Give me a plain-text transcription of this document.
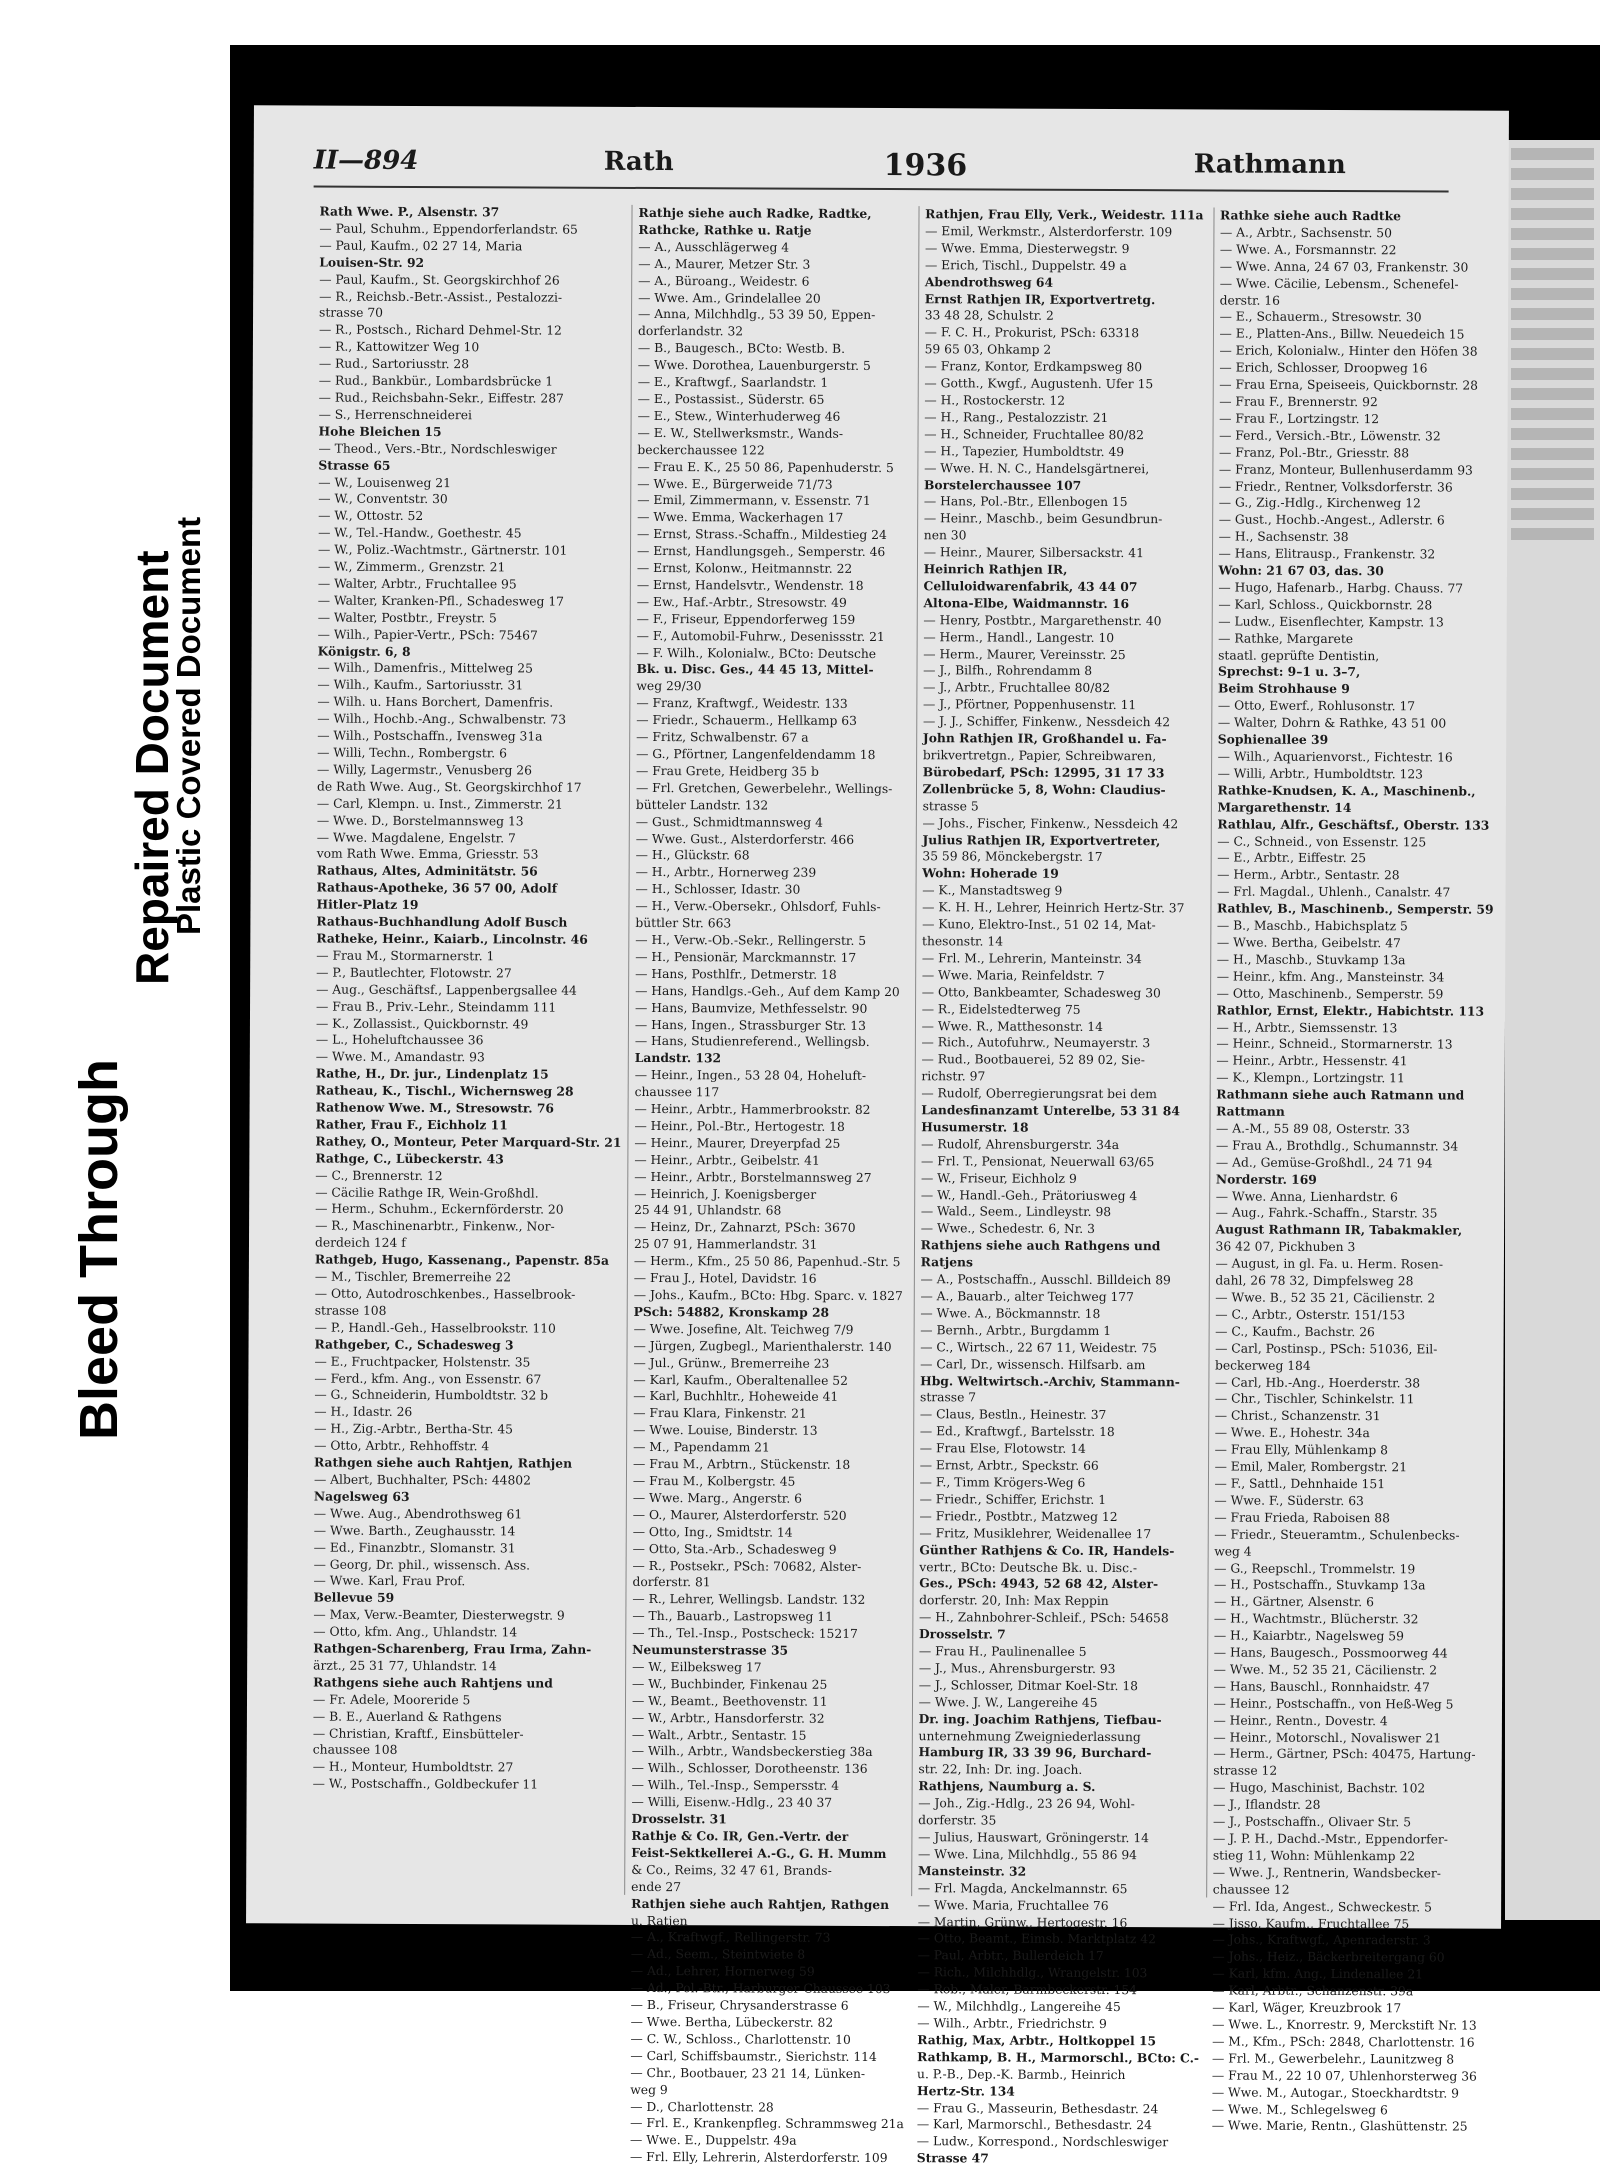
Bleed Through
Repaired Document
Plastic Covered Document
II—894	Rath	1936	Rathmann
Rath Wwe. P., Alsenstr. 37
— Paul, Schuhm., Eppendorferlandstr. 65
— Paul, Kaufm., 02 27 14, Maria
Louisen-Str. 92
— Paul, Kaufm., St. Georgskirchhof 26
— R., Reichsb.-Betr.-Assist., Pestalozzi-
strasse 70
— R., Postsch., Richard Dehmel-Str. 12
— R., Kattowitzer Weg 10
— Rud., Sartoriusstr. 28
— Rud., Bankbür., Lombardsbrücke 1
— Rud., Reichsbahn-Sekr., Eiffestr. 287
— S., Herrenschneiderei
Hohe Bleichen 15
— Theod., Vers.-Btr., Nordschleswiger
Strasse 65
— W., Louisenweg 21
— W., Conventstr. 30
— W., Ottostr. 52
— W., Tel.-Handw., Goethestr. 45
— W., Poliz.-Wachtmstr., Gärtnerstr. 101
— W., Zimmerm., Grenzstr. 21
— Walter, Arbtr., Fruchtallee 95
— Walter, Kranken-Pfl., Schadesweg 17
— Walter, Postbtr., Freystr. 5
— Wilh., Papier-Vertr., PSch: 75467
Königstr. 6, 8
— Wilh., Damenfris., Mittelweg 25
— Wilh., Kaufm., Sartoriusstr. 31
— Wilh. u. Hans Borchert, Damenfris.
— Wilh., Hochb.-Ang., Schwalbenstr. 73
— Wilh., Postschaffn., Ivensweg 31a
— Willi, Techn., Rombergstr. 6
— Willy, Lagermstr., Venusberg 26
de Rath Wwe. Aug., St. Georgskirchhof 17
— Carl, Klempn. u. Inst., Zimmerstr. 21
— Wwe. D., Borstelmannsweg 13
— Wwe. Magdalene, Engelstr. 7
vom Rath Wwe. Emma, Griesstr. 53
Rathaus, Altes, Adminitätstr. 56
Rathaus-Apotheke, 36 57 00, Adolf
Hitler-Platz 19
Rathaus-Buchhandlung Adolf Busch
Ratheke, Heinr., Kaiarb., Lincolnstr. 46
— Frau M., Stormarnerstr. 1
— P., Bautlechter, Flotowstr. 27
— Aug., Geschäftsf., Lappenbergsallee 44
— Frau B., Priv.-Lehr., Steindamm 111
— K., Zollassist., Quickbornstr. 49
— L., Hoheluftchaussee 36
— Wwe. M., Amandastr. 93
Rathe, H., Dr. jur., Lindenplatz 15
Ratheau, K., Tischl., Wichernsweg 28
Rathenow Wwe. M., Stresowstr. 76
Rather, Frau F., Eichholz 11
Rathey, O., Monteur, Peter Marquard-Str. 21
Rathge, C., Lübeckerstr. 43
— C., Brennerstr. 12
— Cäcilie Rathge IR, Wein-Großhdl.
— Herm., Schuhm., Eckernförderstr. 20
— R., Maschinenarbtr., Finkenw., Nor-
derdeich 124 f
Rathgeb, Hugo, Kassenang., Papenstr. 85a
— M., Tischler, Bremerreihe 22
— Otto, Autodroschkenbes., Hasselbrook-
strasse 108
— P., Handl.-Geh., Hasselbrookstr. 110
Rathgeber, C., Schadesweg 3
— E., Fruchtpacker, Holstenstr. 35
— Ferd., kfm. Ang., von Essenstr. 67
— G., Schneiderin, Humboldtstr. 32 b
— H., Idastr. 26
— H., Zig.-Arbtr., Bertha-Str. 45
— Otto, Arbtr., Rehhoffstr. 4
Rathgen siehe auch Rahtjen, Rathjen
— Albert, Buchhalter, PSch: 44802
Nagelsweg 63
— Wwe. Aug., Abendrothsweg 61
— Wwe. Barth., Zeughausstr. 14
— Ed., Finanzbtr., Slomanstr. 31
— Georg, Dr. phil., wissensch. Ass.
— Wwe. Karl, Frau Prof.
Bellevue 59
— Max, Verw.-Beamter, Diesterwegstr. 9
— Otto, kfm. Ang., Uhlandstr. 14
Rathgen-Scharenberg, Frau Irma, Zahn-
ärzt., 25 31 77, Uhlandstr. 14
Rathgens siehe auch Rahtjens und
— Fr. Adele, Mooreride 5
— B. E., Auerland & Rathgens
— Christian, Kraftf., Einsbütteler-
chaussee 108
— H., Monteur, Humboldtstr. 27
— W., Postschaffn., Goldbeckufer 11
Rathje siehe auch Radke, Radtke,
Rathcke, Rathke u. Ratje
— A., Ausschlägerweg 4
— A., Maurer, Metzer Str. 3
— A., Büroang., Weidestr. 6
— Wwe. Am., Grindelallee 20
— Anna, Milchhdlg., 53 39 50, Eppen-
dorferlandstr. 32
— B., Baugesch., BCto: Westb. B.
— Wwe. Dorothea, Lauenburgerstr. 5
— E., Kraftwgf., Saarlandstr. 1
— E., Postassist., Süderstr. 65
— E., Stew., Winterhuderweg 46
— E. W., Stellwerksmstr., Wands-
beckerchaussee 122
— Frau E. K., 25 50 86, Papenhuderstr. 5
— Wwe. E., Bürgerweide 71/73
— Emil, Zimmermann, v. Essenstr. 71
— Wwe. Emma, Wackerhagen 17
— Ernst, Strass.-Schaffn., Mildestieg 24
— Ernst, Handlungsgeh., Semperstr. 46
— Ernst, Kolonw., Heitmannstr. 22
— Ernst, Handelsvtr., Wendenstr. 18
— Ew., Haf.-Arbtr., Stresowstr. 49
— F., Friseur, Eppendorferweg 159
— F., Automobil-Fuhrw., Desenissstr. 21
— F. Wilh., Kolonialw., BCto: Deutsche
Bk. u. Disc. Ges., 44 45 13, Mittel-
weg 29/30
— Franz, Kraftwgf., Weidestr. 133
— Friedr., Schauerm., Hellkamp 63
— Fritz, Schwalbenstr. 67 a
— G., Pförtner, Langenfeldendamm 18
— Frau Grete, Heidberg 35 b
— Frl. Gretchen, Gewerbelehr., Wellings-
bütteler Landstr. 132
— Gust., Schmidtmannsweg 4
— Wwe. Gust., Alsterdorferstr. 466
— H., Glückstr. 68
— H., Arbtr., Hornerweg 239
— H., Schlosser, Idastr. 30
— H., Verw.-Obersekr., Ohlsdorf, Fuhls-
büttler Str. 663
— H., Verw.-Ob.-Sekr., Rellingerstr. 5
— H., Pensionär, Marckmannstr. 17
— Hans, Posthlfr., Detmerstr. 18
— Hans, Handlgs.-Geh., Auf dem Kamp 20
— Hans, Baumvize, Methfesselstr. 90
— Hans, Ingen., Strassburger Str. 13
— Hans, Studienreferend., Wellingsb.
Landstr. 132
— Heinr., Ingen., 53 28 04, Hoheluft-
chaussee 117
— Heinr., Arbtr., Hammerbrookstr. 82
— Heinr., Pol.-Btr., Hertogestr. 18
— Heinr., Maurer, Dreyerpfad 25
— Heinr., Arbtr., Geibelstr. 41
— Heinr., Arbtr., Borstelmannsweg 27
— Heinrich, J. Koenigsberger
25 44 91, Uhlandstr. 68
— Heinz, Dr., Zahnarzt, PSch: 3670
25 07 91, Hammerlandstr. 31
— Herm., Kfm., 25 50 86, Papenhud.-Str. 5
— Frau J., Hotel, Davidstr. 16
— Johs., Kaufm., BCto: Hbg. Sparc. v. 1827
PSch: 54882, Kronskamp 28
— Wwe. Josefine, Alt. Teichweg 7/9
— Jürgen, Zugbegl., Marienthalerstr. 140
— Jul., Grünw., Bremerreihe 23
— Karl, Kaufm., Oberaltenallee 52
— Karl, Buchhltr., Hoheweide 41
— Frau Klara, Finkenstr. 21
— Wwe. Louise, Binderstr. 13
— M., Papendamm 21
— Frau M., Arbtrn., Stückenstr. 18
— Frau M., Kolbergstr. 45
— Wwe. Marg., Angerstr. 6
— O., Maurer, Alsterdorferstr. 520
— Otto, Ing., Smidtstr. 14
— Otto, Sta.-Arb., Schadesweg 9
— R., Postsekr., PSch: 70682, Alster-
dorferstr. 81
— R., Lehrer, Wellingsb. Landstr. 132
— Th., Bauarb., Lastropsweg 11
— Th., Tel.-Insp., Postscheck: 15217
Neumunsterstrasse 35
— W., Eilbeksweg 17
— W., Buchbinder, Finkenau 25
— W., Beamt., Beethovenstr. 11
— W., Arbtr., Hansdorferstr. 32
— Walt., Arbtr., Sentastr. 15
— Wilh., Arbtr., Wandsbeckerstieg 38a
— Wilh., Schlosser, Dorotheenstr. 136
— Wilh., Tel.-Insp., Sempersstr. 4
— Willi, Eisenw.-Hdlg., 23 40 37
Drosselstr. 31
Rathje & Co. IR, Gen.-Vertr. der
Feist-Sektkellerei A.-G., G. H. Mumm
& Co., Reims, 32 47 61, Brands-
ende 27
Rathjen siehe auch Rahtjen, Rathgen
u. Ratjen
— A., Kraftwgf., Rellingerstr. 73
— Ad., Seem., Steintwiete 8
— Ad., Lehrer, Hornerweg 59
— Ad., Pol.-Btr., Harburger Chaussee 103
— B., Friseur, Chrysanderstrasse 6
— Wwe. Bertha, Lübeckerstr. 82
— C. W., Schloss., Charlottenstr. 10
— Carl, Schiffsbaumstr., Sierichstr. 114
— Chr., Bootbauer, 23 21 14, Lünken-
weg 9
— D., Charlottenstr. 28
— Frl. E., Krankenpfleg. Schrammsweg 21a
— Wwe. E., Duppelstr. 49a
— Frl. Elly, Lehrerin, Alsterdorferstr. 109
Rathjen, Frau Elly, Verk., Weidestr. 111a
— Emil, Werkmstr., Alsterdorferstr. 109
— Wwe. Emma, Diesterwegstr. 9
— Erich, Tischl., Duppelstr. 49 a
Abendrothsweg 64
Ernst Rathjen IR, Exportvertretg.
33 48 28, Schulstr. 2
— F. C. H., Prokurist, PSch: 63318
59 65 03, Ohkamp 2
— Franz, Kontor, Erdkampsweg 80
— Gotth., Kwgf., Augustenh. Ufer 15
— H., Rostockerstr. 12
— H., Rang., Pestalozzistr. 21
— H., Schneider, Fruchtallee 80/82
— H., Tapezier, Humboldtstr. 49
— Wwe. H. N. C., Handelsgärtnerei,
Borstelerchaussee 107
— Hans, Pol.-Btr., Ellenbogen 15
— Heinr., Maschb., beim Gesundbrun-
nen 30
— Heinr., Maurer, Silbersackstr. 41
Heinrich Rathjen IR,
Celluloidwarenfabrik, 43 44 07
Altona-Elbe, Waidmannstr. 16
— Henry, Postbtr., Margarethenstr. 40
— Herm., Handl., Langestr. 10
— Herm., Maurer, Vereinsstr. 25
— J., Bilfh., Rohrendamm 8
— J., Arbtr., Fruchtallee 80/82
— J., Pförtner, Poppenhusenstr. 11
— J. J., Schiffer, Finkenw., Nessdeich 42
John Rathjen IR, Großhandel u. Fa-
brikvertretgn., Papier, Schreibwaren,
Bürobedarf, PSch: 12995, 31 17 33
Zollenbrücke 5, 8, Wohn: Claudius-
strasse 5
— Johs., Fischer, Finkenw., Nessdeich 42
Julius Rathjen IR, Exportvertreter,
35 59 86, Mönckebergstr. 17
Wohn: Hoherade 19
— K., Manstadtsweg 9
— K. H. H., Lehrer, Heinrich Hertz-Str. 37
— Kuno, Elektro-Inst., 51 02 14, Mat-
thesonstr. 14
— Frl. M., Lehrerin, Manteinstr. 34
— Wwe. Maria, Reinfeldstr. 7
— Otto, Bankbeamter, Schadesweg 30
— R., Eidelstedterweg 75
— Wwe. R., Matthesonstr. 14
— Rich., Autofuhrw., Neumayerstr. 3
— Rud., Bootbauerei, 52 89 02, Sie-
richstr. 97
— Rudolf, Oberregierungsrat bei dem
Landesfinanzamt Unterelbe, 53 31 84
Husumerstr. 18
— Rudolf, Ahrensburgerstr. 34a
— Frl. T., Pensionat, Neuerwall 63/65
— W., Friseur, Eichholz 9
— W., Handl.-Geh., Prätoriusweg 4
— Wald., Seem., Lindleystr. 98
— Wwe., Schedestr. 6, Nr. 3
Rathjens siehe auch Rathgens und
Ratjens
— A., Postschaffn., Ausschl. Billdeich 89
— A., Bauarb., alter Teichweg 177
— Wwe. A., Böckmannstr. 18
— Bernh., Arbtr., Burgdamm 1
— C., Wirtsch., 22 67 11, Weidestr. 75
— Carl, Dr., wissensch. Hilfsarb. am
Hbg. Weltwirtsch.-Archiv, Stammann-
strasse 7
— Claus, Bestln., Heinestr. 37
— Ed., Kraftwgf., Bartelsstr. 18
— Frau Else, Flotowstr. 14
— Ernst, Arbtr., Speckstr. 66
— F., Timm Krögers-Weg 6
— Friedr., Schiffer, Erichstr. 1
— Friedr., Postbtr., Matzweg 12
— Fritz, Musiklehrer, Weidenallee 17
Günther Rathjens & Co. IR, Handels-
vertr., BCto: Deutsche Bk. u. Disc.-
Ges., PSch: 4943, 52 68 42, Alster-
dorferstr. 20, Inh: Max Reppin
— H., Zahnbohrer-Schleif., PSch: 54658
Drosselstr. 7
— Frau H., Paulinenallee 5
— J., Mus., Ahrensburgerstr. 93
— J., Schlosser, Ditmar Koel-Str. 18
— Wwe. J. W., Langereihe 45
Dr. ing. Joachim Rathjens, Tiefbau-
unternehmung Zweigniederlassung
Hamburg IR, 33 39 96, Burchard-
str. 22, Inh: Dr. ing. Joach.
Rathjens, Naumburg a. S.
— Joh., Zig.-Hdlg., 23 26 94, Wohl-
dorferstr. 35
— Julius, Hauswart, Gröningerstr. 14
— Wwe. Lina, Milchhdlg., 55 86 94
Mansteinstr. 32
— Frl. Magda, Anckelmannstr. 65
— Wwe. Maria, Fruchtallee 76
— Martin, Grünw., Hertogestr. 16
— Otto, Beamt., Eimsb. Marktplatz 42
— Paul, Arbtr., Bullerdeich 17
— Rich., Milchhdlg., Wrangelstr. 103
— Rob., Maler, Barmbeckerstr. 154
— W., Milchhdlg., Langereihe 45
— Wilh., Arbtr., Friedrichstr. 9
Rathig, Max, Arbtr., Holtkoppel 15
Rathkamp, B. H., Marmorschl., BCto: C.-
u. P.-B., Dep.-K. Barmb., Heinrich
Hertz-Str. 134
— Frau G., Masseurin, Bethesdastr. 24
— Karl, Marmorschl., Bethesdastr. 24
— Ludw., Korrespond., Nordschleswiger
Strasse 47
Rathke siehe auch Radtke
— A., Arbtr., Sachsenstr. 50
— Wwe. A., Forsmannstr. 22
— Wwe. Anna, 24 67 03, Frankenstr. 30
— Wwe. Cäcilie, Lebensm., Schenefel-
derstr. 16
— E., Schauerm., Stresowstr. 30
— E., Platten-Ans., Billw. Neuedeich 15
— Erich, Kolonialw., Hinter den Höfen 38
— Erich, Schlosser, Droopweg 16
— Frau Erna, Speiseeis, Quickbornstr. 28
— Frau F., Brennerstr. 92
— Frau F., Lortzingstr. 12
— Ferd., Versich.-Btr., Löwenstr. 32
— Franz, Pol.-Btr., Griesstr. 88
— Franz, Monteur, Bullenhuserdamm 93
— Friedr., Rentner, Volksdorferstr. 36
— G., Zig.-Hdlg., Kirchenweg 12
— Gust., Hochb.-Angest., Adlerstr. 6
— H., Sachsenstr. 38
— Hans, Elitrausp., Frankenstr. 32
Wohn: 21 67 03, das. 30
— Hugo, Hafenarb., Harbg. Chauss. 77
— Karl, Schloss., Quickbornstr. 28
— Ludw., Eisenflechter, Kampstr. 13
— Rathke, Margarete
staatl. geprüfte Dentistin,
Sprechst: 9–1 u. 3–7,
Beim Strohhause 9
— Otto, Ewerf., Rohlusonstr. 17
— Walter, Dohrn & Rathke, 43 51 00
Sophienallee 39
— Wilh., Aquarienvorst., Fichtestr. 16
— Willi, Arbtr., Humboldtstr. 123
Rathke-Knudsen, K. A., Maschinenb.,
Margarethenstr. 14
Rathlau, Alfr., Geschäftsf., Oberstr. 133
— C., Schneid., von Essenstr. 125
— E., Arbtr., Eiffestr. 25
— Herm., Arbtr., Sentastr. 28
— Frl. Magdal., Uhlenh., Canalstr. 47
Rathlev, B., Maschinenb., Semperstr. 59
— B., Maschb., Habichsplatz 5
— Wwe. Bertha, Geibelstr. 47
— H., Maschb., Stuvkamp 13a
— Heinr., kfm. Ang., Mansteinstr. 34
— Otto, Maschinenb., Semperstr. 59
Rathlor, Ernst, Elektr., Habichtstr. 113
— H., Arbtr., Siemssenstr. 13
— Heinr., Schneid., Stormarnerstr. 13
— Heinr., Arbtr., Hessenstr. 41
— K., Klempn., Lortzingstr. 11
Rathmann siehe auch Ratmann und
Rattmann
— A.-M., 55 89 08, Osterstr. 33
— Frau A., Brothdlg., Schumannstr. 34
— Ad., Gemüse-Großhdl., 24 71 94
Norderstr. 169
— Wwe. Anna, Lienhardstr. 6
— Aug., Fahrk.-Schaffn., Starstr. 35
August Rathmann IR, Tabakmakler,
36 42 07, Pickhuben 3
— August, in gl. Fa. u. Herm. Rosen-
dahl, 26 78 32, Dimpfelsweg 28
— Wwe. B., 52 35 21, Cäcilienstr. 2
— C., Arbtr., Osterstr. 151/153
— C., Kaufm., Bachstr. 26
— Carl, Postinsp., PSch: 51036, Eil-
beckerweg 184
— Carl, Hb.-Ang., Hoerderstr. 38
— Chr., Tischler, Schinkelstr. 11
— Christ., Schanzenstr. 31
— Wwe. E., Hohestr. 34a
— Frau Elly, Mühlenkamp 8
— Emil, Maler, Rombergstr. 21
— F., Sattl., Dehnhaide 151
— Wwe. F., Süderstr. 63
— Frau Frieda, Raboisen 88
— Friedr., Steueramtm., Schulenbecks-
weg 4
— G., Reepschl., Trommelstr. 19
— H., Postschaffn., Stuvkamp 13a
— H., Gärtner, Alsenstr. 6
— H., Wachtmstr., Blücherstr. 32
— H., Kaiarbtr., Nagelsweg 59
— Hans, Baugesch., Possmoorweg 44
— Wwe. M., 52 35 21, Cäcilienstr. 2
— Hans, Bauschl., Ronnhaidstr. 47
— Heinr., Postschaffn., von Heß-Weg 5
— Heinr., Rentn., Dovestr. 4
— Heinr., Motorschl., Novaliswег 21
— Herm., Gärtner, PSch: 40475, Hartung-
strasse 12
— Hugo, Maschinist, Bachstr. 102
— J., Iflandstr. 28
— J., Postschaffn., Olivaer Str. 5
— J. P. H., Dachd.-Mstr., Eppendorfer-
stieg 11, Wohn: Mühlenkamp 22
— Wwe. J., Rentnerin, Wandsbecker-
chaussee 12
— Frl. Ida, Angest., Schweckestr. 5
— Jisso, Kaufm., Fruchtallee 75
— Johs., Kraftwgf., Apenraderstr. 3
— Johs., Heiz., Bäckerbreitergang 60
— Karl, kfm. Ang., Lindenallee 21
— Karl, Arbtr., Schanzenstr. 39a
— Karl, Wäger, Kreuzbrook 17
— Wwe. L., Knorrestr. 9, Merckstift Nr. 13
— M., Kfm., PSch: 2848, Charlottenstr. 16
— Frl. M., Gewerbelehr., Launitzweg 8
— Frau M., 22 10 07, Uhlenhorsterweg 36
— Wwe. M., Autogar., Stoeckhardtstr. 9
— Wwe. M., Schlegelsweg 6
— Wwe. Marie, Rentn., Glashüttenstr. 25
